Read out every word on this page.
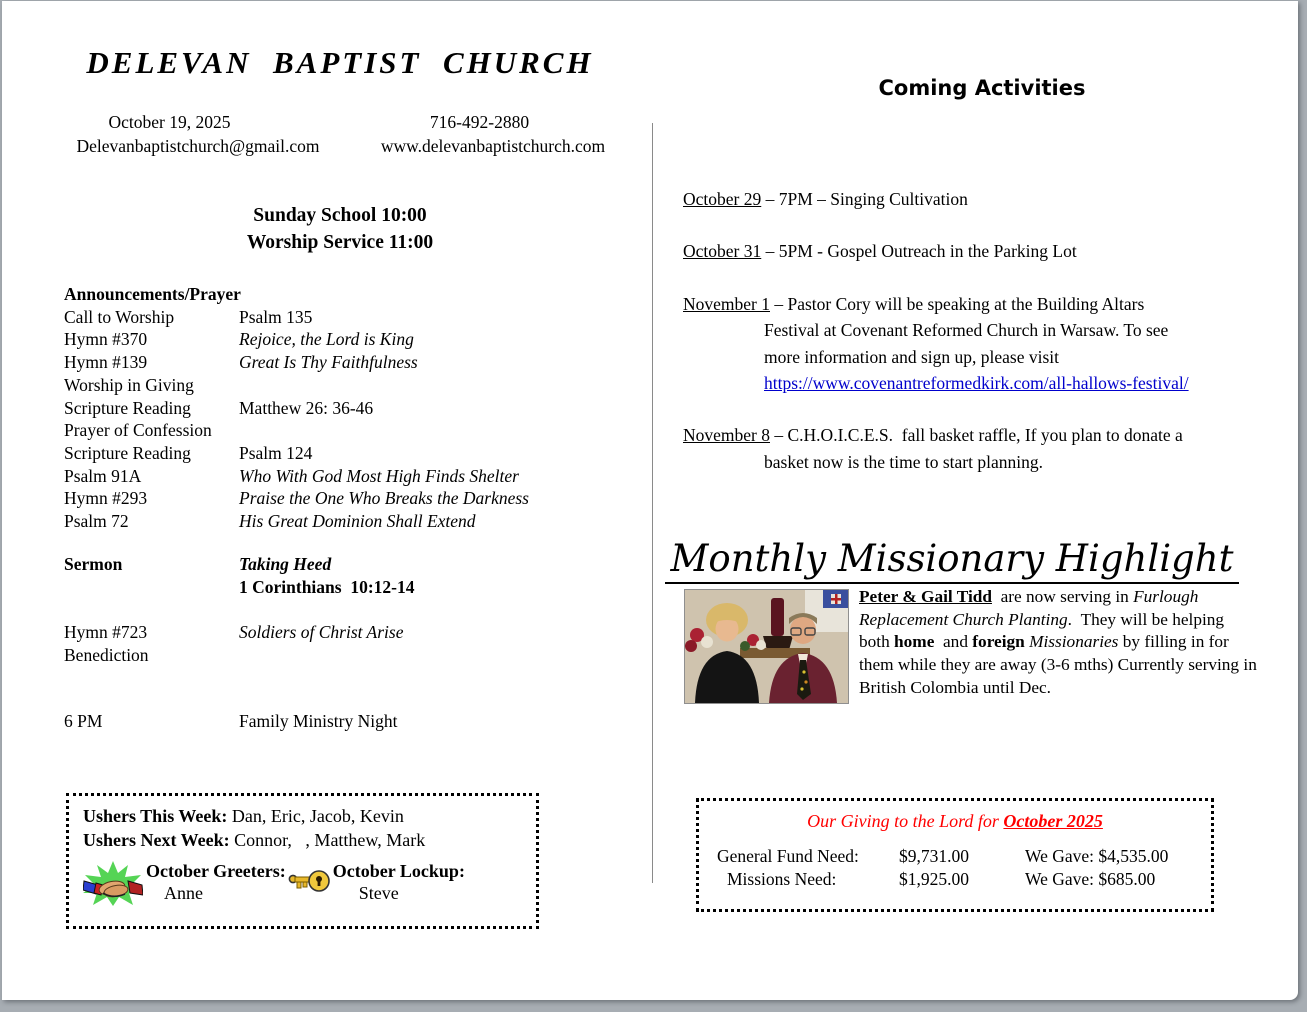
DELEVAN  BAPTIST  CHURCH
October 19, 2025	716-492-2880
Delevanbaptistchurch@gmail.com	www.delevanbaptistchurch.com
Sunday School 10:00
Worship Service 11:00
Announcements/Prayer
Call to Worship	Psalm 135
Hymn #370	Rejoice, the Lord is King
Hymn #139	Great Is Thy Faithfulness
Worship in Giving
Scripture Reading	Matthew 26: 36-46
Prayer of Confession
Scripture Reading	Psalm 124
Psalm 91A	Who With God Most High Finds Shelter
Hymn #293	Praise the One Who Breaks the Darkness
Psalm 72	His Great Dominion Shall Extend
Sermon	Taking Heed
1 Corinthians  10:12-14
Hymn #723	Soldiers of Christ Arise
Benediction
6 PM	Family Ministry Night
Ushers This Week: Dan, Eric, Jacob, Kevin
Ushers Next Week: Connor,   , Matthew, Mark
October Greeters:
Anne
October Lockup:
Steve
Coming Activities
October 29 – 7PM – Singing Cultivation
October 31 – 5PM - Gospel Outreach in the Parking Lot
November 1 – Pastor Cory will be speaking at the Building Altars
Festival at Covenant Reformed Church in Warsaw. To see
more information and sign up, please visit
https://www.covenantreformedkirk.com/all-hallows-festival/
November 8 – C.H.O.I.C.E.S.  fall basket raffle, If you plan to donate a
basket now is the time to start planning.
Monthly Missionary Highlight
Peter & Gail Tidd  are now serving in Furlough Replacement Church Planting.  They will be helping both home  and foreign Missionaries by filling in for them while they are away (3-6 mths) Currently serving in British Colombia until Dec.
Our Giving to the Lord for October 2025
General Fund Need: $9,731.00	We Gave: $4,535.00
Missions Need:	$1,925.00	We Gave: $685.00
